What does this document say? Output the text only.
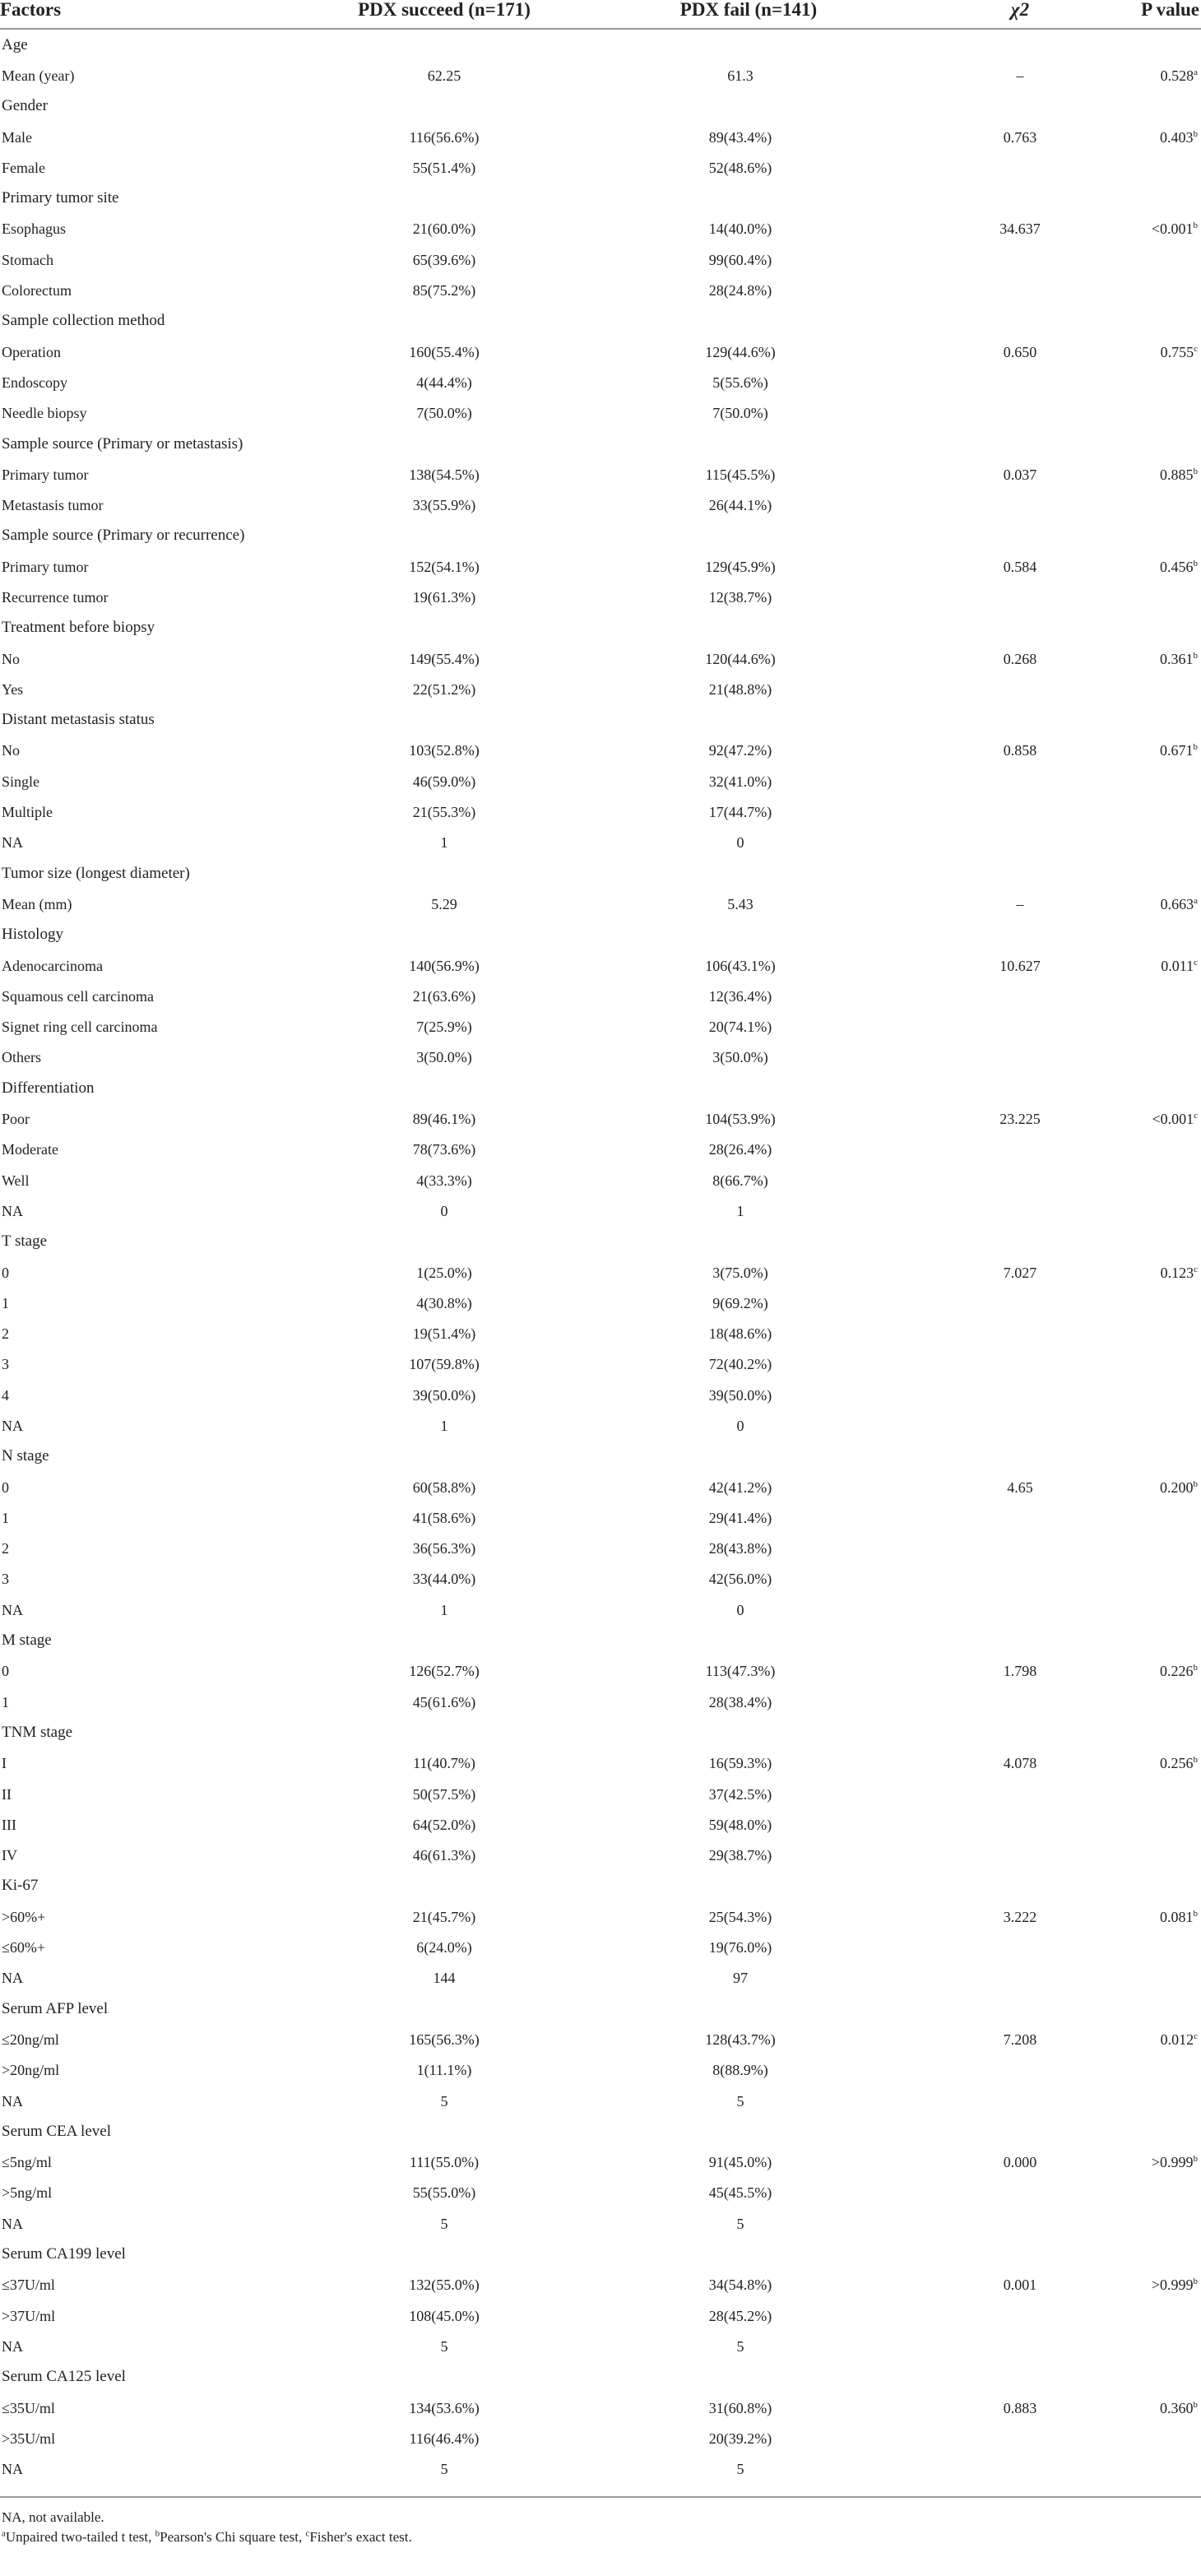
Factors	PDX succeed (n=171)	PDX fail (n=141)	χ2	P value
Age				
Mean (year)	62.25	61.3	–	0.528$^a$
Gender				
Male	116(56.6%)	89(43.4%)	0.763	0.403$^b$
Female	55(51.4%)	52(48.6%)		
Primary tumor site				
Esophagus	21(60.0%)	14(40.0%)	34.637	<0.001$^b$
Stomach	65(39.6%)	99(60.4%)		
Colorectum	85(75.2%)	28(24.8%)		
Sample collection method				
Operation	160(55.4%)	129(44.6%)	0.650	0.755$^c$
Endoscopy	4(44.4%)	5(55.6%)		
Needle biopsy	7(50.0%)	7(50.0%)		
Sample source (Primary or metastasis)				
Primary tumor	138(54.5%)	115(45.5%)	0.037	0.885$^b$
Metastasis tumor	33(55.9%)	26(44.1%)		
Sample source (Primary or recurrence)				
Primary tumor	152(54.1%)	129(45.9%)	0.584	0.456$^b$
Recurrence tumor	19(61.3%)	12(38.7%)		
Treatment before biopsy				
No	149(55.4%)	120(44.6%)	0.268	0.361$^b$
Yes	22(51.2%)	21(48.8%)		
Distant metastasis status				
No	103(52.8%)	92(47.2%)	0.858	0.671$^b$
Single	46(59.0%)	32(41.0%)		
Multiple	21(55.3%)	17(44.7%)		
NA	1	0		
Tumor size (longest diameter)				
Mean (mm)	5.29	5.43	–	0.663$^a$
Histology				
Adenocarcinoma	140(56.9%)	106(43.1%)	10.627	0.011$^c$
Squamous cell carcinoma	21(63.6%)	12(36.4%)		
Signet ring cell carcinoma	7(25.9%)	20(74.1%)		
Others	3(50.0%)	3(50.0%)		
Differentiation				
Poor	89(46.1%)	104(53.9%)	23.225	<0.001$^c$
Moderate	78(73.6%)	28(26.4%)		
Well	4(33.3%)	8(66.7%)		
NA	0	1		
T stage				
0	1(25.0%)	3(75.0%)	7.027	0.123$^c$
1	4(30.8%)	9(69.2%)		
2	19(51.4%)	18(48.6%)		
3	107(59.8%)	72(40.2%)		
4	39(50.0%)	39(50.0%)		
NA	1	0		
N stage				
0	60(58.8%)	42(41.2%)	4.65	0.200$^b$
1	41(58.6%)	29(41.4%)		
2	36(56.3%)	28(43.8%)		
3	33(44.0%)	42(56.0%)		
NA	1	0		
M stage				
0	126(52.7%)	113(47.3%)	1.798	0.226$^b$
1	45(61.6%)	28(38.4%)		
TNM stage				
I	11(40.7%)	16(59.3%)	4.078	0.256$^b$
II	50(57.5%)	37(42.5%)		
III	64(52.0%)	59(48.0%)		
IV	46(61.3%)	29(38.7%)		
Ki-67				
>60%+	21(45.7%)	25(54.3%)	3.222	0.081$^b$
≤60%+	6(24.0%)	19(76.0%)		
NA	144	97		
Serum AFP level				
≤20ng/ml	165(56.3%)	128(43.7%)	7.208	0.012$^c$
>20ng/ml	1(11.1%)	8(88.9%)		
NA	5	5		
Serum CEA level				
≤5ng/ml	111(55.0%)	91(45.0%)	0.000	>0.999$^b$
>5ng/ml	55(55.0%)	45(45.5%)		
NA	5	5		
Serum CA199 level				
≤37U/ml	132(55.0%)	34(54.8%)	0.001	>0.999$^b$
>37U/ml	108(45.0%)	28(45.2%)		
NA	5	5		
Serum CA125 level				
≤35U/ml	134(53.6%)	31(60.8%)	0.883	0.360$^b$
>35U/ml	116(46.4%)	20(39.2%)		
NA	5	5		
NA, not available.
$^a$Unpaired two-tailed t test, $^b$Pearson's Chi square test, $^c$Fisher's exact test.
